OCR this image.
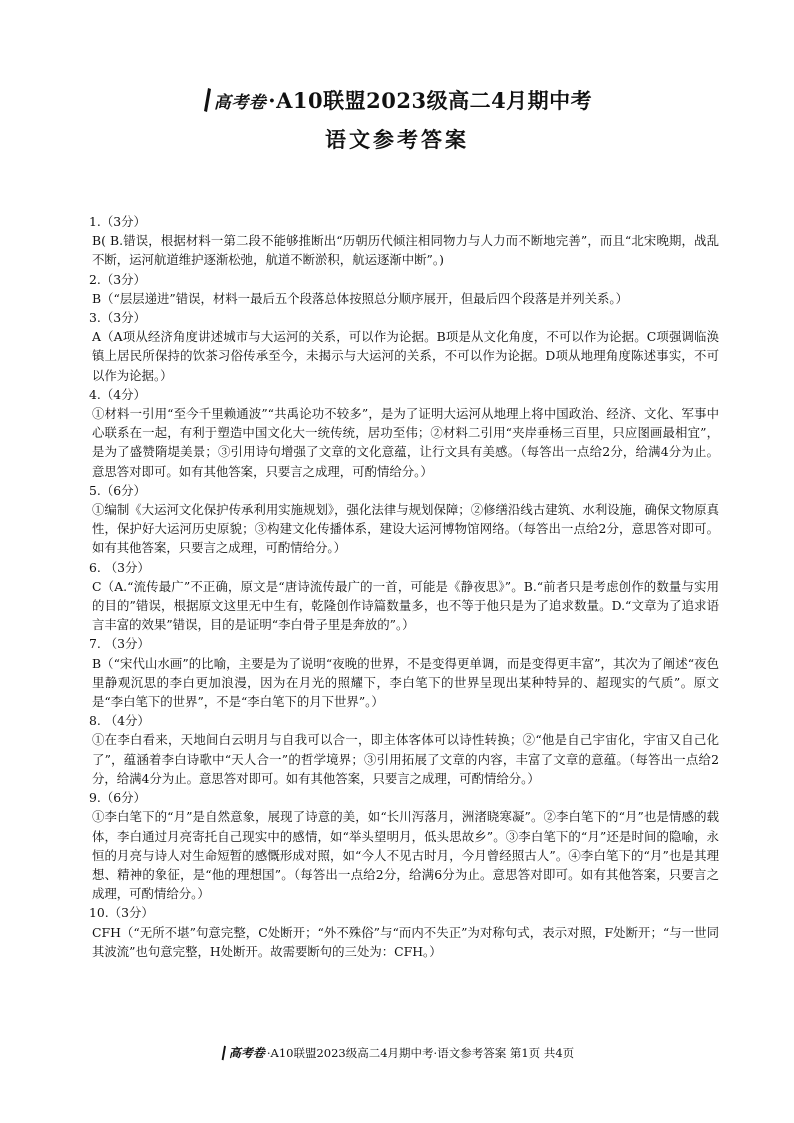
高考卷 ·A10联盟2023级高二4月期中考
语文参考答案
1.（3分）
B( B.错误，根据材料一第二段不能够推断出“历朝历代倾注相同物力与人力而不断地完善”，而且“北宋晚期，战乱不断，运河航道维护逐渐松弛，航道不断淤积，航运逐渐中断”。)
2.（3分）
B（“层层递进”错误，材料一最后五个段落总体按照总分顺序展开，但最后四个段落是并列关系。）
3.（3分）
A（A项从经济角度讲述城市与大运河的关系，可以作为论据。B项是从文化角度，不可以作为论据。C项强调临涣镇上居民所保持的饮茶习俗传承至今，未揭示与大运河的关系，不可以作为论据。D项从地理角度陈述事实，不可以作为论据。）
4.（4分）
①材料一引用“至今千里赖通波”“共禹论功不较多”，是为了证明大运河从地理上将中国政治、经济、文化、军事中心联系在一起，有利于塑造中国文化大一统传统，居功至伟；②材料二引用“夹岸垂杨三百里，只应图画最相宜”，是为了盛赞隋堤美景；③引用诗句增强了文章的文化意蕴，让行文具有美感。（每答出一点给2分，给满4分为止。意思答对即可。如有其他答案，只要言之成理，可酌情给分。）
5.（6分）
①编制《大运河文化保护传承利用实施规划》，强化法律与规划保障；②修缮沿线古建筑、水利设施，确保文物原真性，保护好大运河历史原貌；③构建文化传播体系，建设大运河博物馆网络。（每答出一点给2分，意思答对即可。如有其他答案，只要言之成理，可酌情给分。）
6. （3分）
C（A.“流传最广”不正确，原文是“唐诗流传最广的一首，可能是《静夜思》”。B.“前者只是考虑创作的数量与实用的目的”错误，根据原文这里无中生有，乾隆创作诗篇数量多，也不等于他只是为了追求数量。D.“文章为了追求语言丰富的效果”错误，目的是证明“李白骨子里是奔放的”。）
7. （3分）
B（“宋代山水画”的比喻，主要是为了说明“夜晚的世界，不是变得更单调，而是变得更丰富”，其次为了阐述“夜色里静观沉思的李白更加浪漫，因为在月光的照耀下，李白笔下的世界呈现出某种特异的、超现实的气质”。原文是“李白笔下的世界”，不是“李白笔下的月下世界”。）
8. （4分）
①在李白看来，天地间白云明月与自我可以合一，即主体客体可以诗性转换；②“他是自己宇宙化，宇宙又自己化了”，蕴涵着李白诗歌中“天人合一”的哲学境界；③引用拓展了文章的内容，丰富了文章的意蕴。（每答出一点给2分，给满4分为止。意思答对即可。如有其他答案，只要言之成理，可酌情给分。）
9.（6分）
①李白笔下的“月”是自然意象，展现了诗意的美，如“长川泻落月，洲渚晓寒凝”。②李白笔下的“月”也是情感的载体，李白通过月亮寄托自己现实中的感情，如“举头望明月，低头思故乡”。③李白笔下的“月”还是时间的隐喻，永恒的月亮与诗人对生命短暂的感慨形成对照，如“今人不见古时月，今月曾经照古人”。④李白笔下的“月”也是其理想、精神的象征，是“他的理想国”。（每答出一点给2分，给满6分为止。意思答对即可。如有其他答案，只要言之成理，可酌情给分。）
10.（3分）
CFH（“无所不堪”句意完整，C处断开；“外不殊俗”与“而内不失正”为对称句式，表示对照，F处断开；“与一世同其波流”也句意完整，H处断开。故需要断句的三处为：CFH。）
高考卷 ·A10联盟2023级高二4月期中考·语文参考答案 第1页 共4页
